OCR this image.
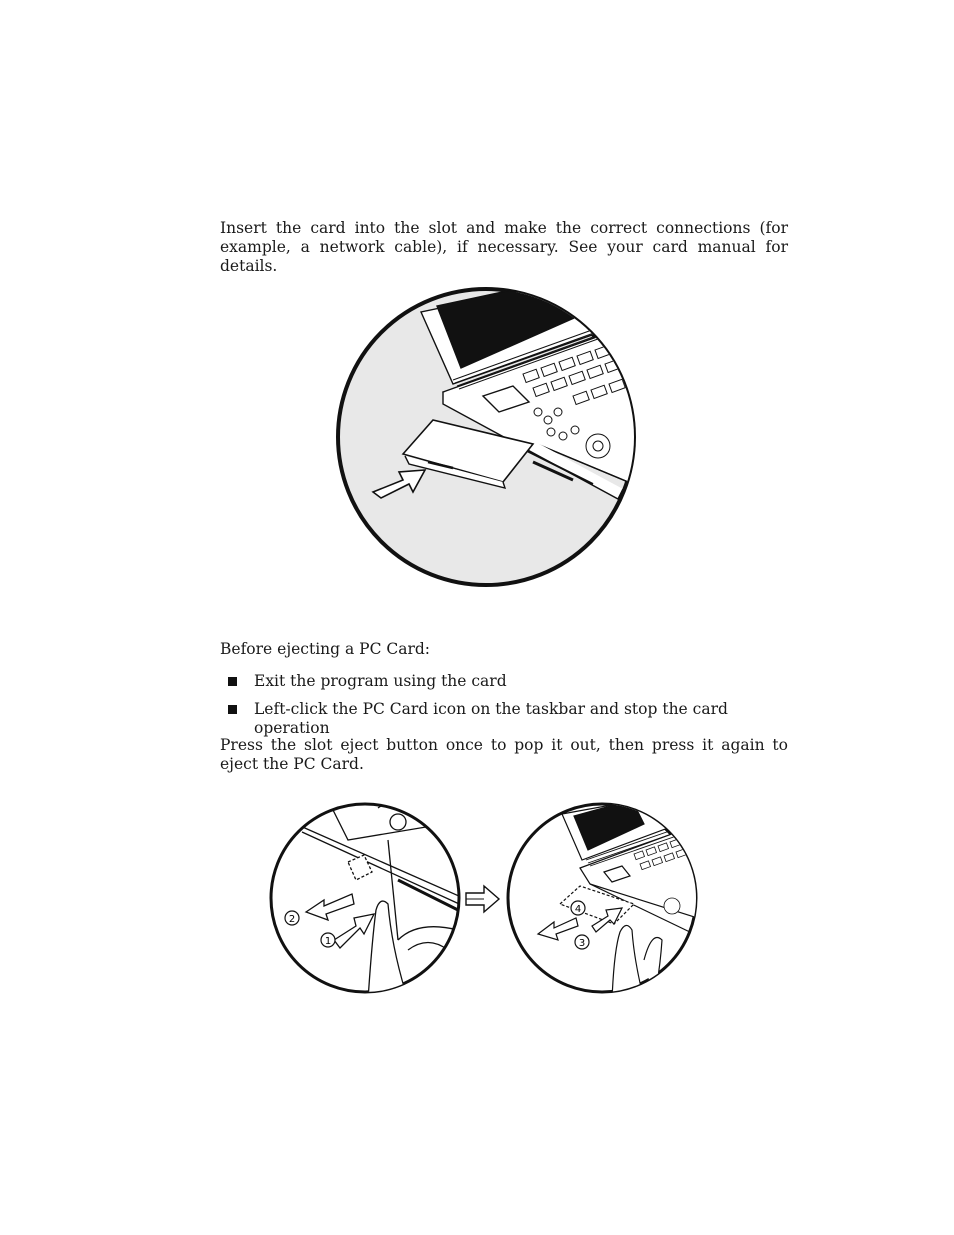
Insert the card into the slot and make the correct connections (for example, a network cable), if necessary. See your card manual for details.

Before ejecting a PC Card:

Exit the program using the card
Left-click the PC Card icon on the taskbar and stop the card operation

Press the slot eject button once to pop it out, then press it again to eject the PC Card.

2
1
4
3
